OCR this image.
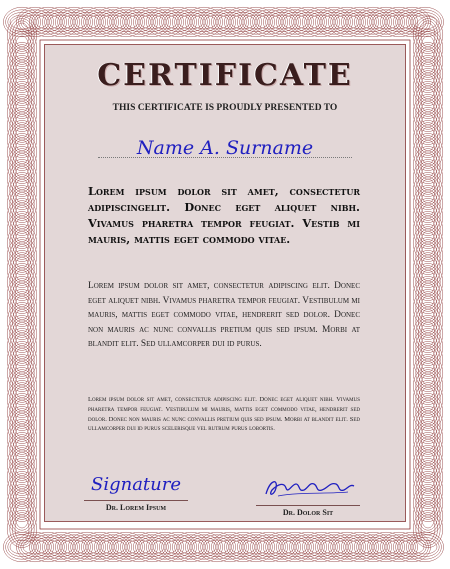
CERTIFICATE
THIS CERTIFICATE IS PROUDLY PRESENTED TO
Name A. Surname
Lorem ipsum dolor sit amet, consectetur adipiscingelit. Donec eget aliquet nibh. Vivamus pharetra tempor feugiat. Vestib mi mauris, mattis eget commodo vitae.
Lorem ipsum dolor sit amet, consectetur adipiscing elit. Donec eget aliquet nibh. Vivamus pharetra tempor feugiat. Vestibulum mi mauris, mattis eget commodo vitae, hendrerit sed dolor. Donec non mauris ac nunc convallis pretium quis sed ipsum. Morbi at blandit elit. Sed ullamcorper dui id purus.
Lorem ipsum dolor sit amet, consectetur adipiscing elit. Donec eget aliquet nibh. Vivamus pharetra tempor feugiat. Vestibulum mi mauris, mattis eget commodo vitae, hendrerit sed dolor. Donec non mauris ac nunc convallis pretium quis sed ipsum. Morbi at blandit elit. Sed ullamcorper dui id purus scelerisque vel rutrum purus lobortis.
Signature
Dr. Lorem Ipsum
Dr. Dolor Sit
